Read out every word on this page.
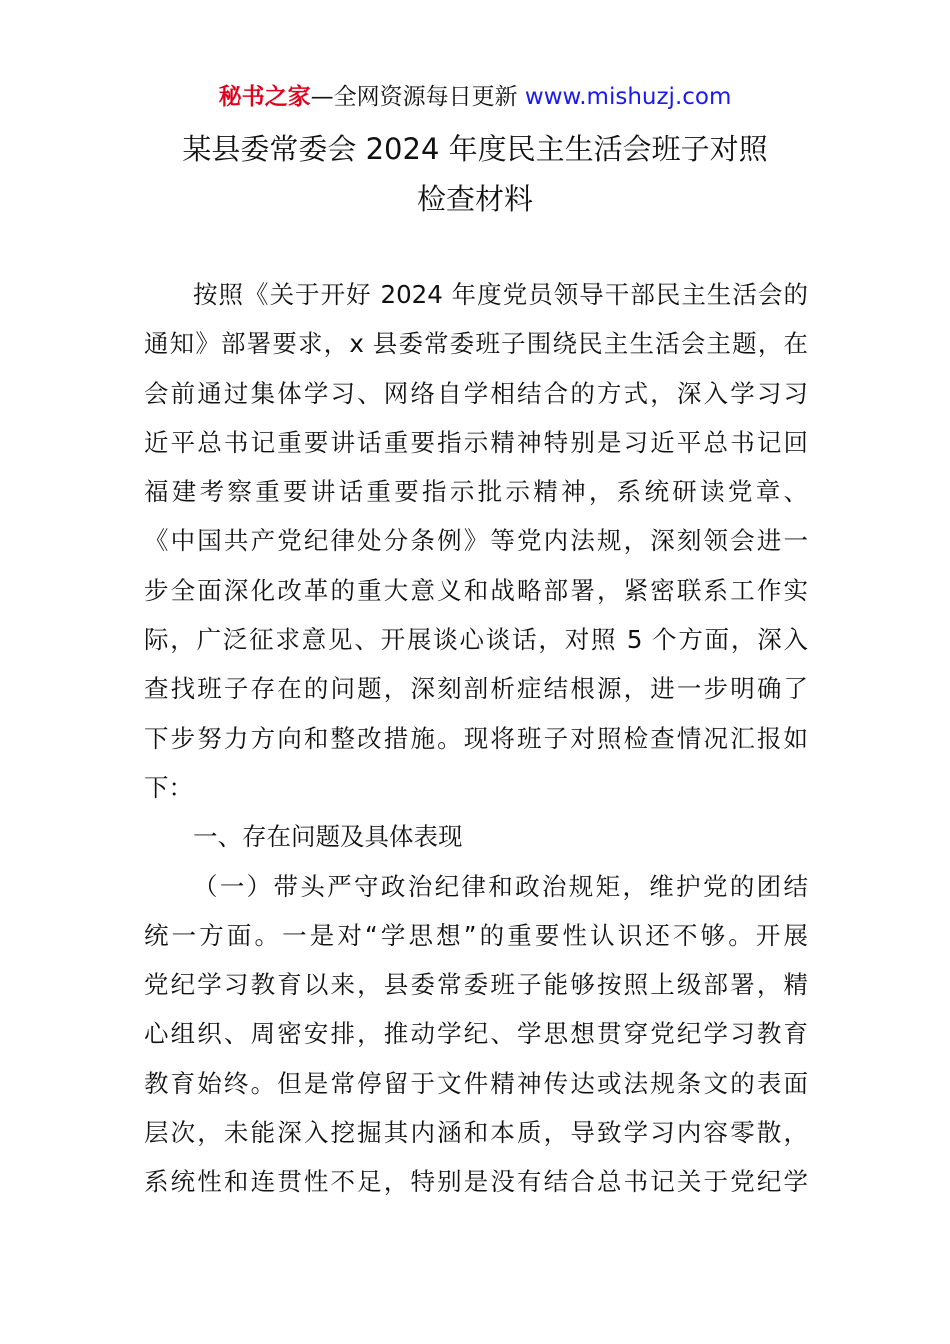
秘书之家—全网资源每日更新 www.mishuzj.com
某县委常委会 2024 年度民主生活会班子对照
检查材料
按照《关于开好 2024 年度党员领导干部民主生活会的
通知》部署要求，x 县委常委班子围绕民主生活会主题，在
会前通过集体学习、网络自学相结合的方式，深入学习习
近平总书记重要讲话重要指示精神特别是习近平总书记回
福建考察重要讲话重要指示批示精神，系统研读党章、
《中国共产党纪律处分条例》等党内法规，深刻领会进一
步全面深化改革的重大意义和战略部署，紧密联系工作实
际，广泛征求意见、开展谈心谈话，对照 5 个方面，深入
查找班子存在的问题，深刻剖析症结根源，进一步明确了
下步努力方向和整改措施。现将班子对照检查情况汇报如
下：
一、存在问题及具体表现
（一）带头严守政治纪律和政治规矩，维护党的团结
统一方面。一是对“学思想”的重要性认识还不够。开展
党纪学习教育以来，县委常委班子能够按照上级部署，精
心组织、周密安排，推动学纪、学思想贯穿党纪学习教育
教育始终。但是常停留于文件精神传达或法规条文的表面
层次，未能深入挖掘其内涵和本质，导致学习内容零散，
系统性和连贯性不足，特别是没有结合总书记关于党纪学
